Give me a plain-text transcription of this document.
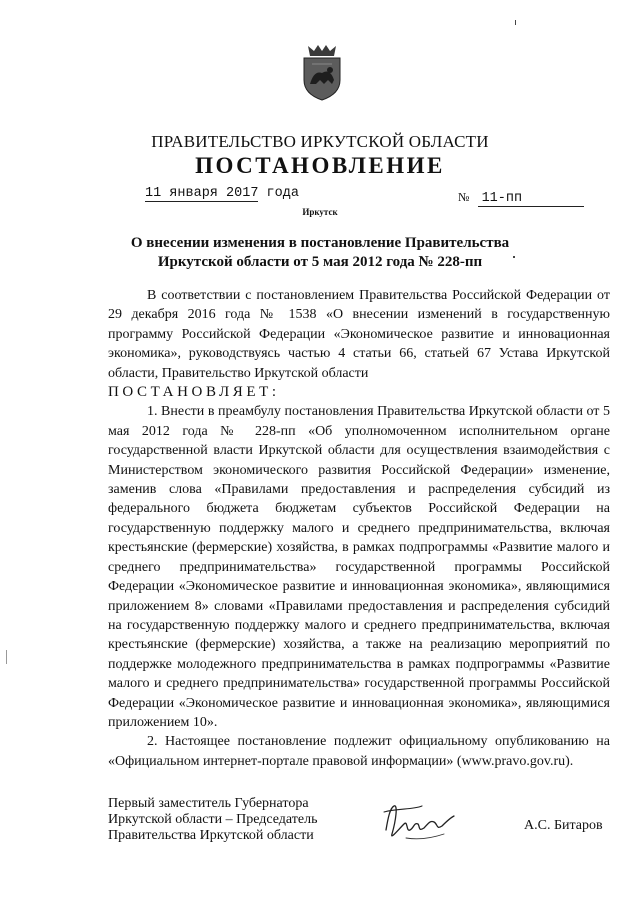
ПРАВИТЕЛЬСТВО ИРКУТСКОЙ ОБЛАСТИ
ПОСТАНОВЛЕНИЕ
11 января 2017 года	№ 11-пп
Иркутск
О внесении изменения в постановление Правительства Иркутской области от 5 мая 2012 года № 228-пп

В соответствии с постановлением Правительства Российской Федерации от 29 декабря 2016 года № 1538 «О внесении изменений в государственную программу Российской Федерации «Экономическое развитие и инновационная экономика», руководствуясь частью 4 статьи 66, статьей 67 Устава Иркутской области, Правительство Иркутской области

ПОСТАНОВЛЯЕТ:

1. Внести в преамбулу постановления Правительства Иркутской области от 5 мая 2012 года № 228-пп «Об уполномоченном исполнительном органе государственной власти Иркутской области для осуществления взаимодействия с Министерством экономического развития Российской Федерации» изменение, заменив слова «Правилами предоставления и распределения субсидий из федерального бюджета бюджетам субъектов Российской Федерации на государственную поддержку малого и среднего предпринимательства, включая крестьянские (фермерские) хозяйства, в рамках подпрограммы «Развитие малого и среднего предпринимательства» государственной программы Российской Федерации «Экономическое развитие и инновационная экономика», являющимися приложением 8» словами «Правилами предоставления и распределения субсидий на государственную поддержку малого и среднего предпринимательства, включая крестьянские (фермерские) хозяйства, а также на реализацию мероприятий по поддержке молодежного предпринимательства в рамках подпрограммы «Развитие малого и среднего предпринимательства» государственной программы Российской Федерации «Экономическое развитие и инновационная экономика», являющимися приложением 10».

2. Настоящее постановление подлежит официальному опубликованию на «Официальном интернет-портале правовой информации» (www.pravo.gov.ru).

Первый заместитель Губернатора
Иркутской области – Председатель
Правительства Иркутской области
А.С. Битаров
